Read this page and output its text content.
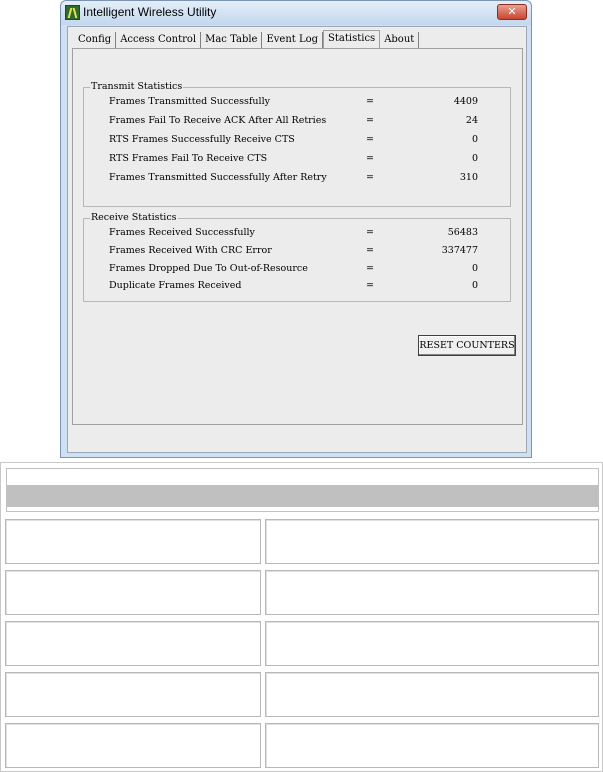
Intelligent Wireless Utility	✕
Config Access Control Mac Table Event Log	Statistics About
Transmit Statistics
Frames Transmitted Successfully	=	4409
Frames Fail To Receive ACK After All Retries	=	24
RTS Frames Successfully Receive CTS	=	0
RTS Frames Fail To Receive CTS	=	0
Frames Transmitted Successfully After Retry	=	310
Receive Statistics
Frames Received Successfully	=	56483
Frames Received With CRC Error	=	337477
Frames Dropped Due To Out-of-Resource	=	0
Duplicate Frames Received	=	0
RESET COUNTERS
